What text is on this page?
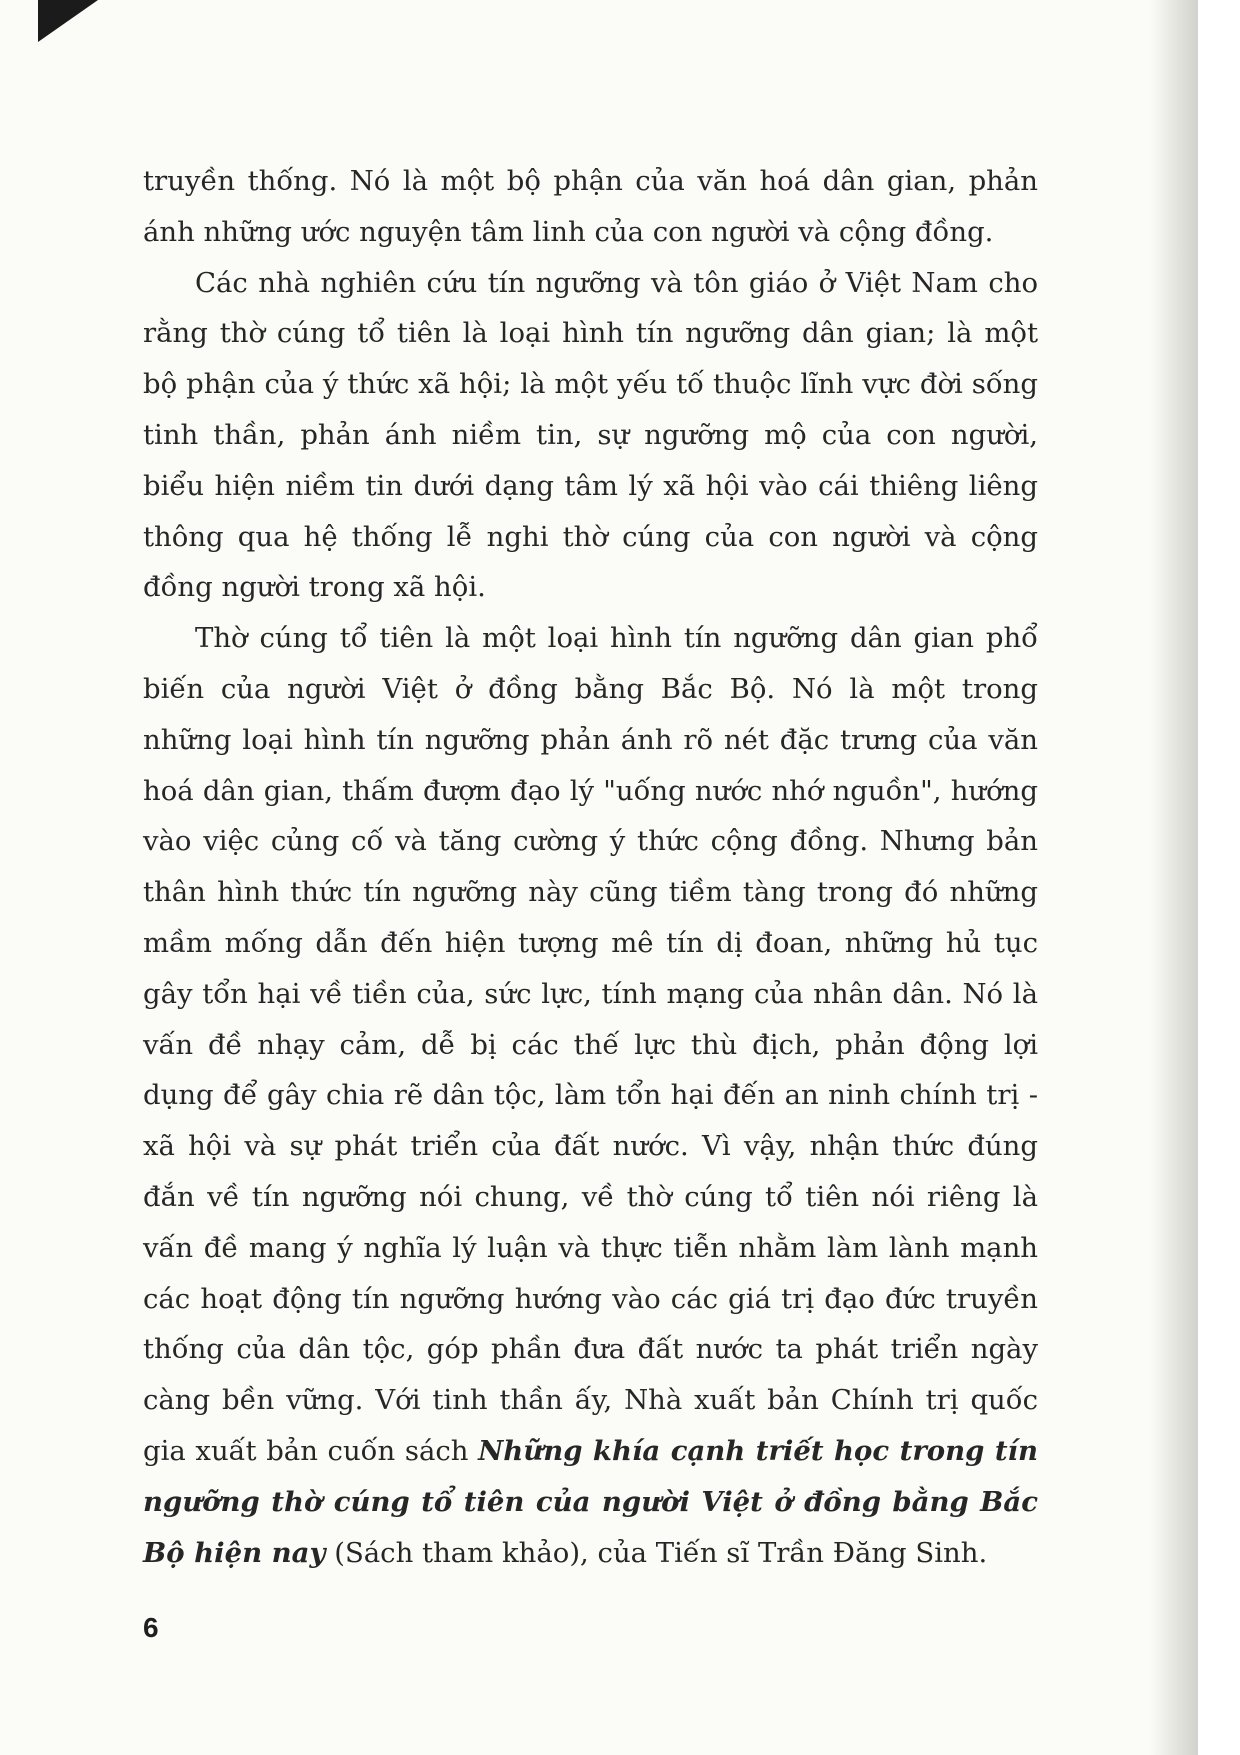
truyền thống. Nó là một bộ phận của văn hoá dân gian, phản ánh những ước nguyện tâm linh của con người và cộng đồng.

Các nhà nghiên cứu tín ngưỡng và tôn giáo ở Việt Nam cho rằng thờ cúng tổ tiên là loại hình tín ngưỡng dân gian; là một bộ phận của ý thức xã hội; là một yếu tố thuộc lĩnh vực đời sống tinh thần, phản ánh niềm tin, sự ngưỡng mộ của con người, biểu hiện niềm tin dưới dạng tâm lý xã hội vào cái thiêng liêng thông qua hệ thống lễ nghi thờ cúng của con người và cộng đồng người trong xã hội.

Thờ cúng tổ tiên là một loại hình tín ngưỡng dân gian phổ biến của người Việt ở đồng bằng Bắc Bộ. Nó là một trong những loại hình tín ngưỡng phản ánh rõ nét đặc trưng của văn hoá dân gian, thấm đượm đạo lý "uống nước nhớ nguồn", hướng vào việc củng cố và tăng cường ý thức cộng đồng. Nhưng bản thân hình thức tín ngưỡng này cũng tiềm tàng trong đó những mầm mống dẫn đến hiện tượng mê tín dị đoan, những hủ tục gây tổn hại về tiền của, sức lực, tính mạng của nhân dân. Nó là vấn đề nhạy cảm, dễ bị các thế lực thù địch, phản động lợi dụng để gây chia rẽ dân tộc, làm tổn hại đến an ninh chính trị - xã hội và sự phát triển của đất nước. Vì vậy, nhận thức đúng đắn về tín ngưỡng nói chung, về thờ cúng tổ tiên nói riêng là vấn đề mang ý nghĩa lý luận và thực tiễn nhằm làm lành mạnh các hoạt động tín ngưỡng hướng vào các giá trị đạo đức truyền thống của dân tộc, góp phần đưa đất nước ta phát triển ngày càng bền vững. Với tinh thần ấy, Nhà xuất bản Chính trị quốc gia xuất bản cuốn sách Những khía cạnh triết học trong tín ngưỡng thờ cúng tổ tiên của người Việt ở đồng bằng Bắc Bộ hiện nay (Sách tham khảo), của Tiến sĩ Trần Đăng Sinh.

6
